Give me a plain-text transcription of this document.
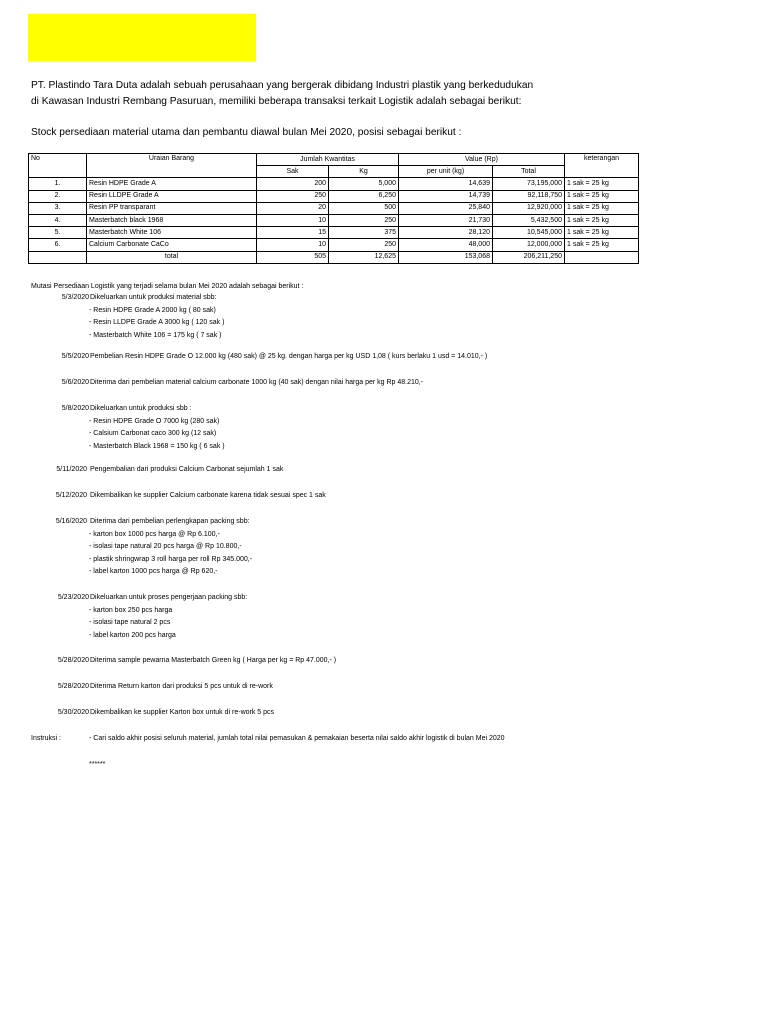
PT. Plastindo Tara Duta adalah sebuah perusahaan yang bergerak dibidang Industri plastik yang berkedudukan
di Kawasan Industri Rembang Pasuruan, memiliki beberapa transaksi terkait Logistik adalah sebagai berikut:
Stock persediaan material utama dan pembantu diawal bulan Mei 2020, posisi sebagai berikut :
No	Uraian Barang	Jumlah Kwantitas		Value (Rp)		keterangan
		Sak	Kg	per unit (kg)	Total	
1.	Resin HDPE Grade A	200	5,000	14,639	73,195,000	1 sak = 25 kg
2.	Resin LLDPE Grade A	250	6,250	14,739	92,118,750	1 sak = 25 kg
3.	Resin PP transparant	20	500	25,840	12,920,000	1 sak = 25 kg
4.	Masterbatch black 1968	10	250	21,730	5,432,500	1 sak = 25 kg
5.	Masterbatch White 106	15	375	28,120	10,545,000	1 sak = 25 kg
6.	Calcium Carbonate CaCo	10	250	48,000	12,000,000	1 sak = 25 kg
	total	505	12,625	153,068	206,211,250	
Mutasi Persediaan Logistik yang terjadi selama bulan Mei 2020 adalah sebagai berikut :
5/3/2020 Dikeluarkan untuk produksi material sbb:
- Resin HDPE Grade A 2000 kg ( 80 sak)
- Resin LLDPE Grade A 3000 kg ( 120 sak )
- Masterbatch White 106 = 175 kg ( 7 sak )
5/5/2020 Pembelian Resin HDPE Grade O 12.000 kg (480 sak) @ 25 kg. dengan harga per kg USD 1,08 ( kurs berlaku 1 usd = 14.010,- )
5/6/2020 Diterima dari pembelian material calcium carbonate 1000 kg (40 sak) dengan nilai harga per kg Rp 48.210,-
5/8/2020 Dikeluarkan untuk produksi sbb :
- Resin HDPE Grade O 7000 kg (280 sak)
- Calsium Carbonat caco 300 kg (12 sak)
- Masterbatch Black 1968 = 150 kg ( 6 sak )
5/11/2020 Pengembalian dari produksi Calcium Carbonat sejumlah 1 sak
5/12/2020 Dikembalikan ke supplier Calcium carbonate karena tidak sesuai spec 1 sak
5/16/2020 Diterima dari pembelian perlengkapan packing sbb:
- karton box 1000 pcs harga @ Rp 6.100,-
- isolasi tape natural 20 pcs harga @ Rp 10.800,-
- plastik shringwrap 3 roll harga per roll Rp 345.000,-
- label karton 1000 pcs harga @ Rp 620,-
5/23/2020 Dikeluarkan untuk proses pengerjaan packing sbb:
- karton box 250 pcs harga
- isolasi tape natural 2 pcs
- label karton 200 pcs harga
5/28/2020 Diterima sample pewarna Masterbatch Green kg ( Harga per kg = Rp 47.000,- )
5/28/2020 Diterima Return karton dari produksi 5 pcs untuk di re-work
5/30/2020 Dikembalikan ke supplier Karton box untuk di re-work 5 pcs
Instruksi :	- Cari saldo akhir posisi seluruh material, jumlah total nilai pemasukan & pemakaian beserta nilai saldo akhir logistik di bulan Mei 2020
******
